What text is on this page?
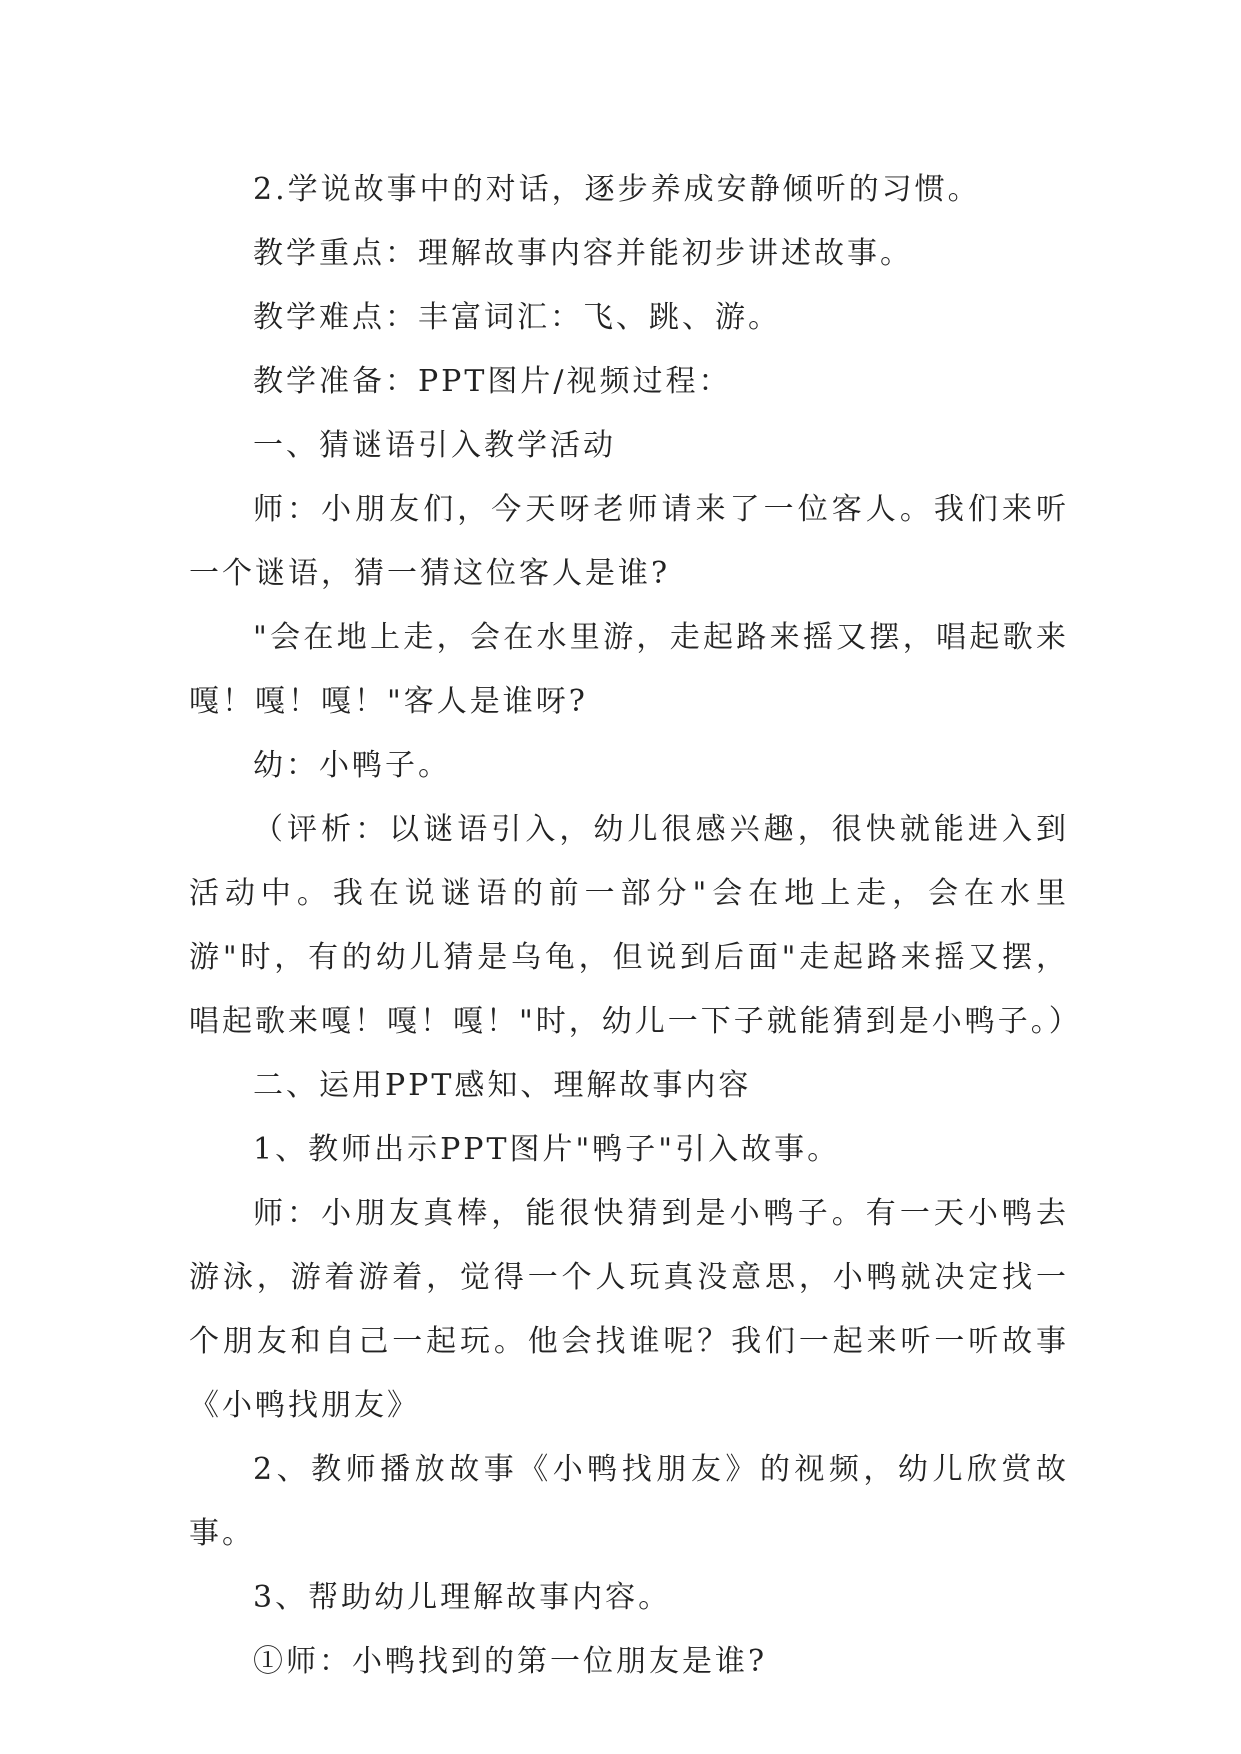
2.学说故事中的对话，逐步养成安静倾听的习惯。

教学重点：理解故事内容并能初步讲述故事。

教学难点：丰富词汇：飞、跳、游。

教学准备：PPT图片/视频过程：

一、猜谜语引入教学活动

师：小朋友们，今天呀老师请来了一位客人。我们来听一个谜语，猜一猜这位客人是谁?

"会在地上走，会在水里游，走起路来摇又摆，唱起歌来嘎！嘎！嘎！"客人是谁呀?

幼：小鸭子。

（评析：以谜语引入，幼儿很感兴趣，很快就能进入到活动中。我在说谜语的前一部分"会在地上走，会在水里游"时，有的幼儿猜是乌龟，但说到后面"走起路来摇又摆，唱起歌来嘎！嘎！嘎！"时，幼儿一下子就能猜到是小鸭子。）

二、运用PPT感知、理解故事内容

1、教师出示PPT图片"鸭子"引入故事。

师：小朋友真棒，能很快猜到是小鸭子。有一天小鸭去游泳，游着游着，觉得一个人玩真没意思，小鸭就决定找一个朋友和自己一起玩。他会找谁呢？我们一起来听一听故事《小鸭找朋友》

2、教师播放故事《小鸭找朋友》的视频，幼儿欣赏故事。

3、帮助幼儿理解故事内容。

①师：小鸭找到的第一位朋友是谁?
